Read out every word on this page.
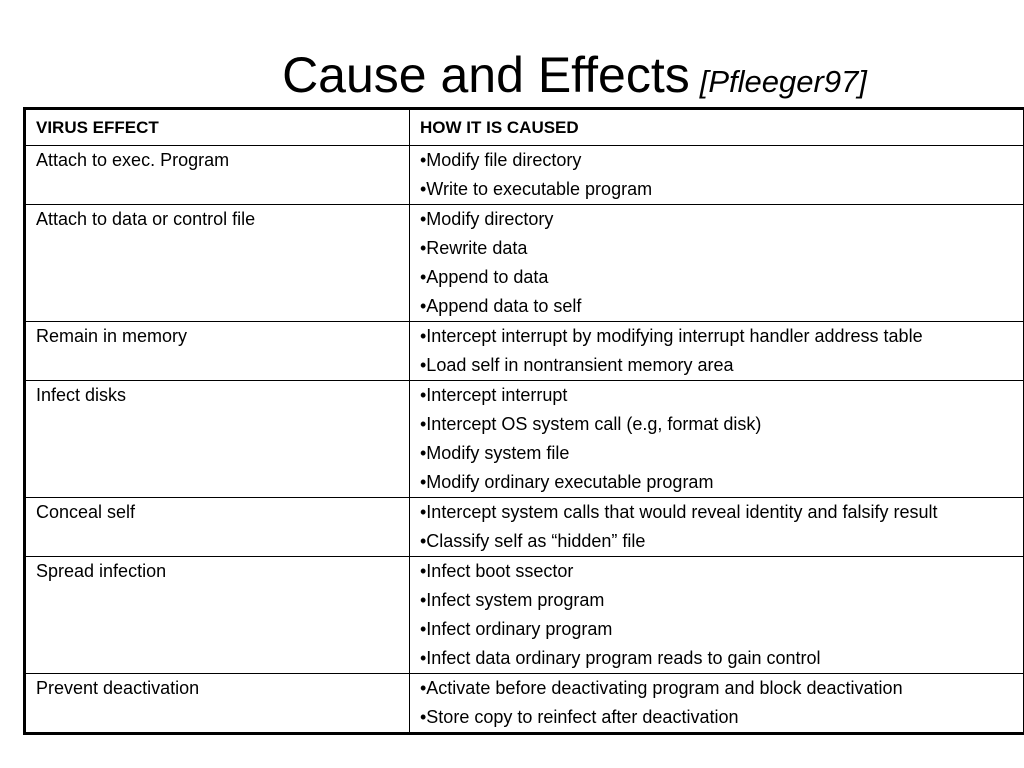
Cause and Effects [Pfleeger97]
VIRUS EFFECT	HOW IT IS CAUSED

Attach to exec. Program	•Modify file directory
•Write to executable program

Attach to data or control file	•Modify directory
•Rewrite data
•Append to data
•Append data to self

Remain in memory	•Intercept interrupt by modifying interrupt handler address table
•Load self in nontransient memory area

Infect disks	•Intercept interrupt
•Intercept OS system call (e.g, format disk)
•Modify system file
•Modify ordinary executable program

Conceal self	•Intercept system calls that would reveal identity and falsify result
•Classify self as “hidden” file

Spread infection	•Infect boot ssector
•Infect system program
•Infect ordinary program
•Infect data ordinary program reads to gain control

Prevent deactivation	•Activate before deactivating program and block deactivation
•Store copy to reinfect after deactivation
